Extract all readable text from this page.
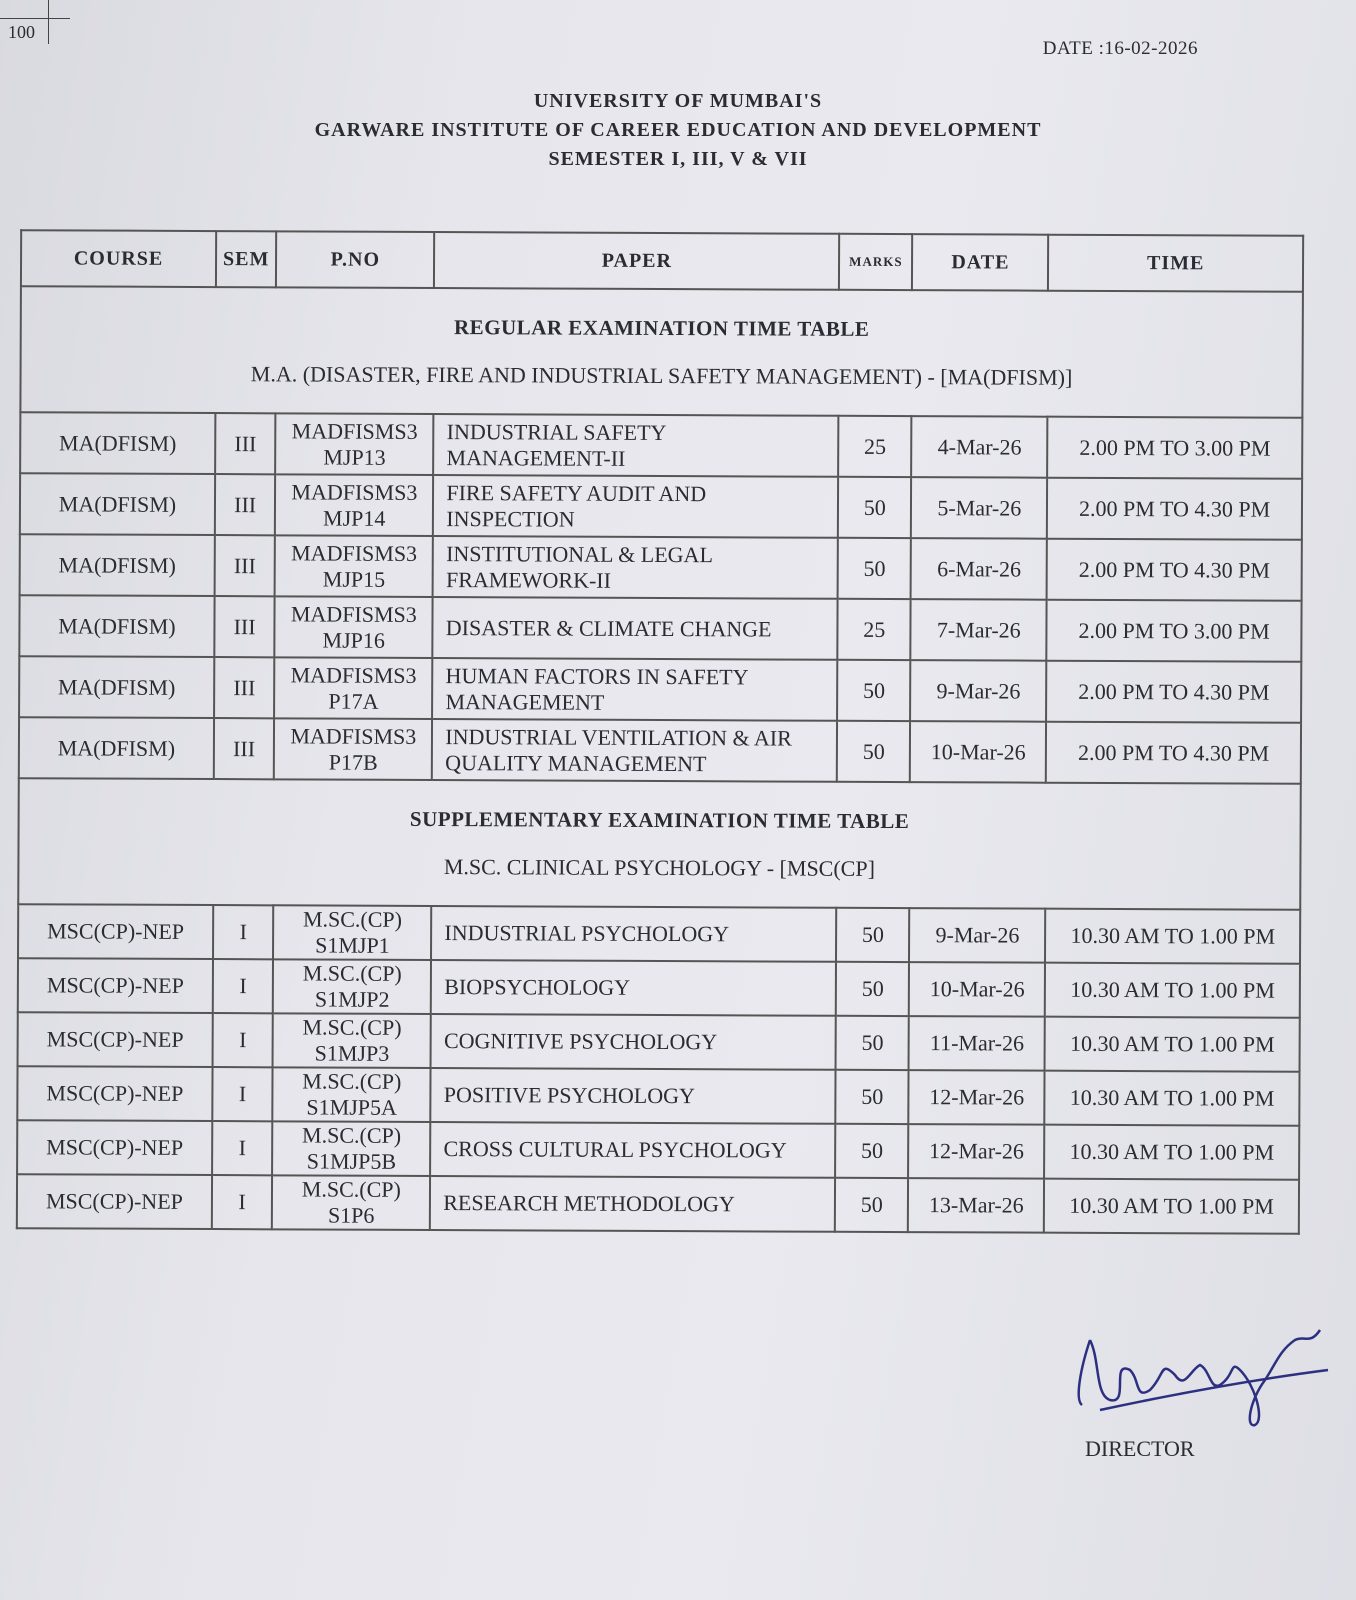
100
DATE :16-02-2026
UNIVERSITY OF MUMBAI'S
GARWARE INSTITUTE OF CAREER EDUCATION AND DEVELOPMENT
SEMESTER I, III, V & VII
COURSE	SEM	P.NO	PAPER	MARKS	DATE	TIME

REGULAR EXAMINATION TIME TABLE
M.A. (DISASTER, FIRE AND INDUSTRIAL SAFETY MANAGEMENT) - [MA(DFISM)]						

MA(DFISM)	III	MADFISMS3 MJP13	INDUSTRIAL SAFETY MANAGEMENT-II	25	4-Mar-26	2.00 PM TO 3.00 PM
MA(DFISM)	III	MADFISMS3 MJP14	FIRE SAFETY AUDIT AND INSPECTION	50	5-Mar-26	2.00 PM TO 4.30 PM
MA(DFISM)	III	MADFISMS3 MJP15	INSTITUTIONAL & LEGAL FRAMEWORK-II	50	6-Mar-26	2.00 PM TO 4.30 PM
MA(DFISM)	III	MADFISMS3 MJP16	DISASTER & CLIMATE CHANGE	25	7-Mar-26	2.00 PM TO 3.00 PM
MA(DFISM)	III	MADFISMS3 P17A	HUMAN FACTORS IN SAFETY MANAGEMENT	50	9-Mar-26	2.00 PM TO 4.30 PM
MA(DFISM)	III	MADFISMS3 P17B	INDUSTRIAL VENTILATION & AIR QUALITY MANAGEMENT	50	10-Mar-26	2.00 PM TO 4.30 PM

SUPPLEMENTARY EXAMINATION TIME TABLE
M.SC. CLINICAL PSYCHOLOGY - [MSC(CP]						

MSC(CP)-NEP	I	M.SC.(CP) S1MJP1	INDUSTRIAL PSYCHOLOGY	50	9-Mar-26	10.30 AM TO 1.00 PM
MSC(CP)-NEP	I	M.SC.(CP) S1MJP2	BIOPSYCHOLOGY	50	10-Mar-26	10.30 AM TO 1.00 PM
MSC(CP)-NEP	I	M.SC.(CP) S1MJP3	COGNITIVE PSYCHOLOGY	50	11-Mar-26	10.30 AM TO 1.00 PM
MSC(CP)-NEP	I	M.SC.(CP) S1MJP5A	POSITIVE PSYCHOLOGY	50	12-Mar-26	10.30 AM TO 1.00 PM
MSC(CP)-NEP	I	M.SC.(CP) S1MJP5B	CROSS CULTURAL PSYCHOLOGY	50	12-Mar-26	10.30 AM TO 1.00 PM
MSC(CP)-NEP	I	M.SC.(CP) S1P6	RESEARCH METHODOLOGY	50	13-Mar-26	10.30 AM TO 1.00 PM
DIRECTOR
